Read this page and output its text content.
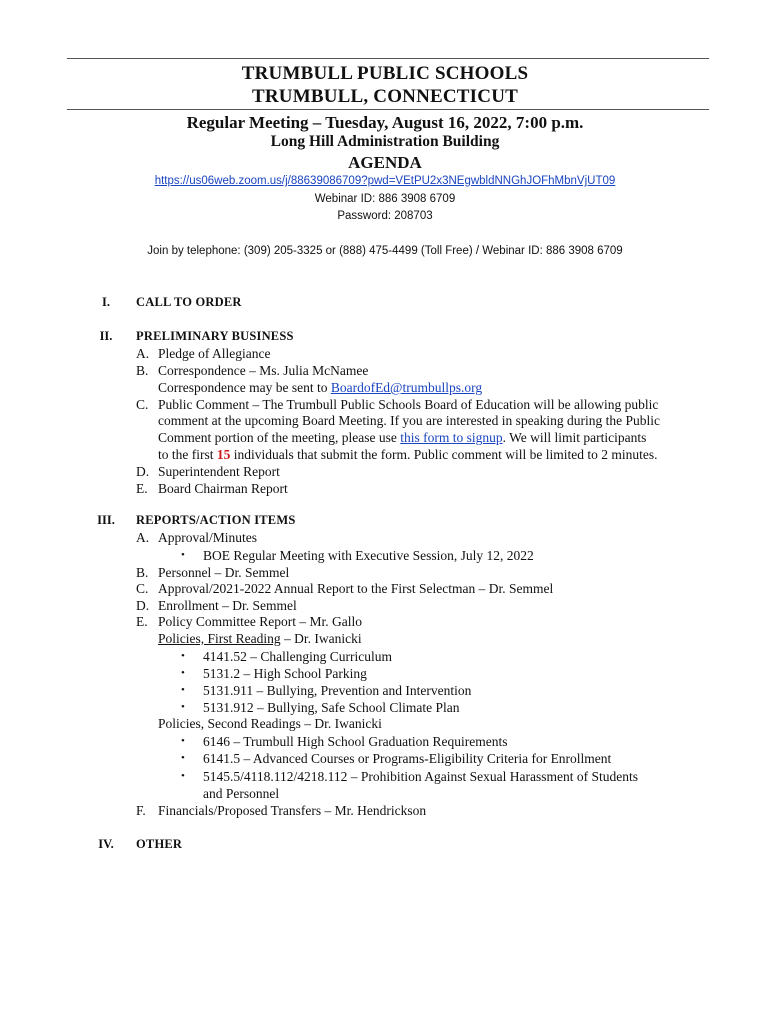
TRUMBULL PUBLIC SCHOOLS
TRUMBULL, CONNECTICUT
Regular Meeting – Tuesday, August 16, 2022, 7:00 p.m.
Long Hill Administration Building
AGENDA
https://us06web.zoom.us/j/88639086709?pwd=VEtPU2x3NEgwbldNNGhJOFhMbnVjUT09
Webinar ID: 886 3908 6709
Password: 208703
Join by telephone: (309) 205-3325 or (888) 475-4499 (Toll Free) / Webinar ID: 886 3908 6709
I.	CALL TO ORDER
II.	PRELIMINARY BUSINESS
A. Pledge of Allegiance
B. Correspondence – Ms. Julia McNamee
Correspondence may be sent to BoardofEd@trumbullps.org
C. Public Comment – The Trumbull Public Schools Board of Education will be allowing public
comment at the upcoming Board Meeting. If you are interested in speaking during the Public
Comment portion of the meeting, please use this form to signup. We will limit participants
to the first 15 individuals that submit the form. Public comment will be limited to 2 minutes.
D. Superintendent Report
E. Board Chairman Report
III. REPORTS/ACTION ITEMS
A. Approval/Minutes
• BOE Regular Meeting with Executive Session, July 12, 2022
B. Personnel – Dr. Semmel
C. Approval/2021-2022 Annual Report to the First Selectman – Dr. Semmel
D. Enrollment – Dr. Semmel
E. Policy Committee Report – Mr. Gallo
Policies, First Reading – Dr. Iwanicki
• 4141.52 – Challenging Curriculum
• 5131.2 – High School Parking
• 5131.911 – Bullying, Prevention and Intervention
• 5131.912 – Bullying, Safe School Climate Plan
Policies, Second Readings – Dr. Iwanicki
• 6146 – Trumbull High School Graduation Requirements
• 6141.5 – Advanced Courses or Programs-Eligibility Criteria for Enrollment
• 5145.5/4118.112/4218.112 – Prohibition Against Sexual Harassment of Students
and Personnel
F. Financials/Proposed Transfers – Mr. Hendrickson
IV. OTHER
